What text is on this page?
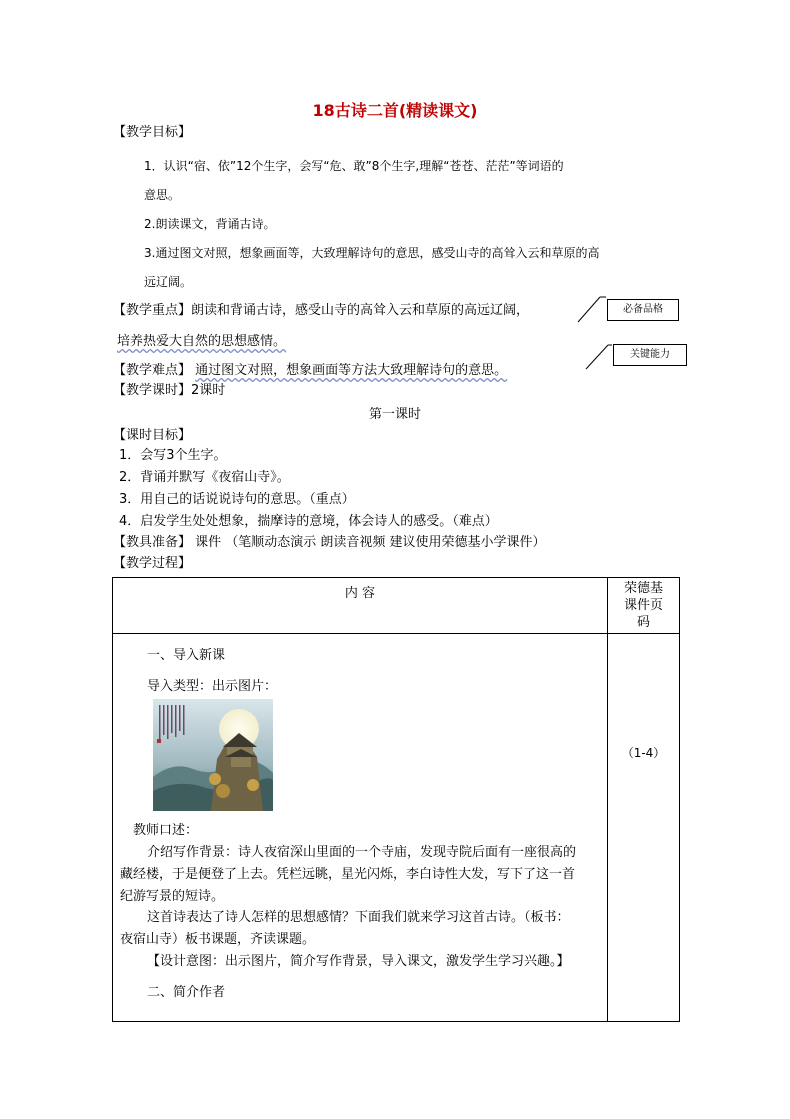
18古诗二首(精读课文)
【教学目标】
1．认识“宿、依”12个生字，会写“危、敢”8个生字,理解“苍苍、茫茫”等词语的
意思。
2.朗读课文，背诵古诗。
3.通过图文对照，想象画面等，大致理解诗句的意思，感受山寺的高耸入云和草原的高
远辽阔。
【教学重点】朗读和背诵古诗，感受山寺的高耸入云和草原的高远辽阔，
培养热爱大自然的思想感情。
【教学难点】 通过图文对照，想象画面等方法大致理解诗句的意思。
必备品格
关键能力
【教学课时】2课时
第一课时
【课时目标】
1．会写3个生字。
2．背诵并默写《夜宿山寺》。
3．用自己的话说说诗句的意思。（重点）
4．启发学生处处想象，揣摩诗的意境，体会诗人的感受。（难点）
【教具准备】 课件 （笔顺动态演示 朗读音视频 建议使用荣德基小学课件）
【教学过程】
内 容	荣德基
课件页
码
（1-4）
一、导入新课
导入类型：出示图片：
教师口述：
介绍写作背景：诗人夜宿深山里面的一个寺庙，发现寺院后面有一座很高的
藏经楼，于是便登了上去。凭栏远眺，星光闪烁，李白诗性大发，写下了这一首
纪游写景的短诗。
这首诗表达了诗人怎样的思想感情？下面我们就来学习这首古诗。（板书：
夜宿山寺）板书课题，齐读课题。
【设计意图：出示图片，简介写作背景，导入课文，激发学生学习兴趣。】
二、简介作者
